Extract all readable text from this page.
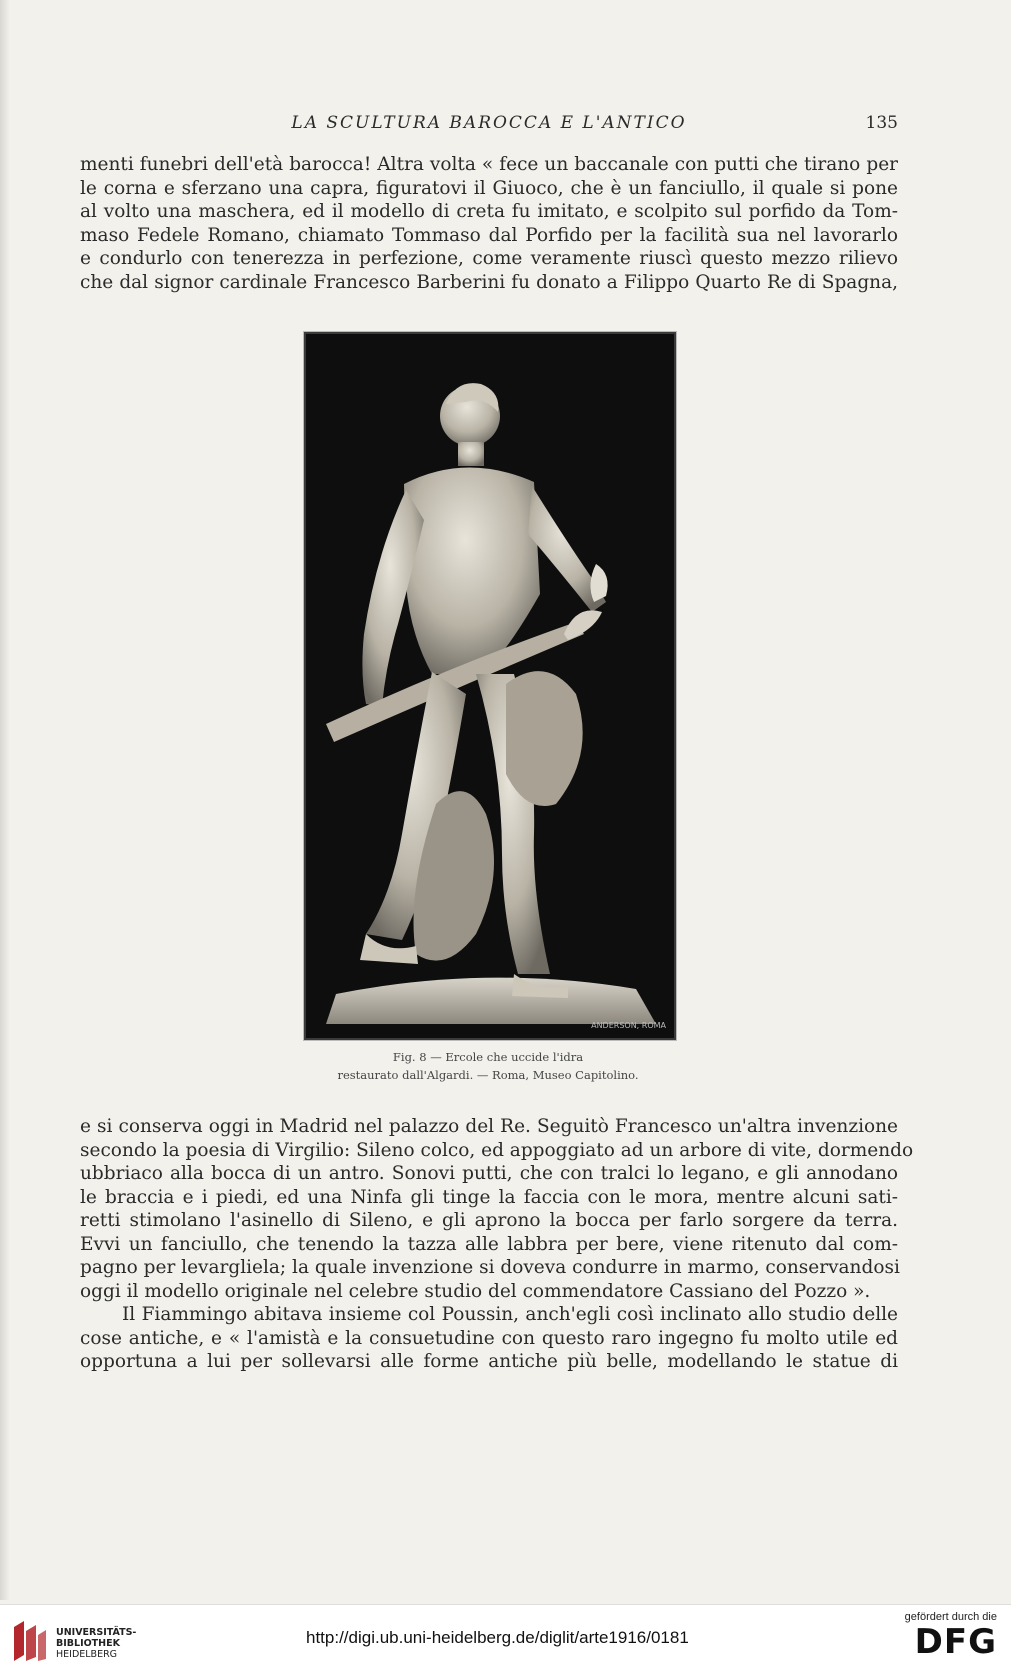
LA SCULTURA BAROCCA E L'ANTICO	135
menti funebri dell'età barocca! Altra volta « fece un baccanale con putti che tirano per
le corna e sferzano una capra, figuratovi il Giuoco, che è un fanciullo, il quale si pone
al volto una maschera, ed il modello di creta fu imitato, e scolpito sul porfido da Tom-
maso Fedele Romano, chiamato Tommaso dal Porfido per la facilità sua nel lavorarlo
e condurlo con tenerezza in perfezione, come veramente riuscì questo mezzo rilievo
che dal signor cardinale Francesco Barberini fu donato a Filippo Quarto Re di Spagna,
ANDERSON, ROMA
Fig. 8 — Ercole che uccide l'idra
restaurato dall'Algardi. — Roma, Museo Capitolino.
e si conserva oggi in Madrid nel palazzo del Re. Seguitò Francesco un'altra invenzione
secondo la poesia di Virgilio: Sileno colco, ed appoggiato ad un arbore di vite, dormendo
ubbriaco alla bocca di un antro. Sonovi putti, che con tralci lo legano, e gli annodano
le braccia e i piedi, ed una Ninfa gli tinge la faccia con le mora, mentre alcuni sati-
retti stimolano l'asinello di Sileno, e gli aprono la bocca per farlo sorgere da terra.
Evvi un fanciullo, che tenendo la tazza alle labbra per bere, viene ritenuto dal com-
pagno per levargliela; la quale invenzione si doveva condurre in marmo, conservandosi
oggi il modello originale nel celebre studio del commendatore Cassiano del Pozzo ».
Il Fiammingo abitava insieme col Poussin, anch'egli così inclinato allo studio delle
cose antiche, e « l'amistà e la consuetudine con questo raro ingegno fu molto utile ed
opportuna a lui per sollevarsi alle forme antiche più belle, modellando le statue di
UNIVERSITÄTS-
BIBLIOTHEK
HEIDELBERG
http://digi.ub.uni-heidelberg.de/diglit/arte1916/0181
gefördert durch die
DFG
